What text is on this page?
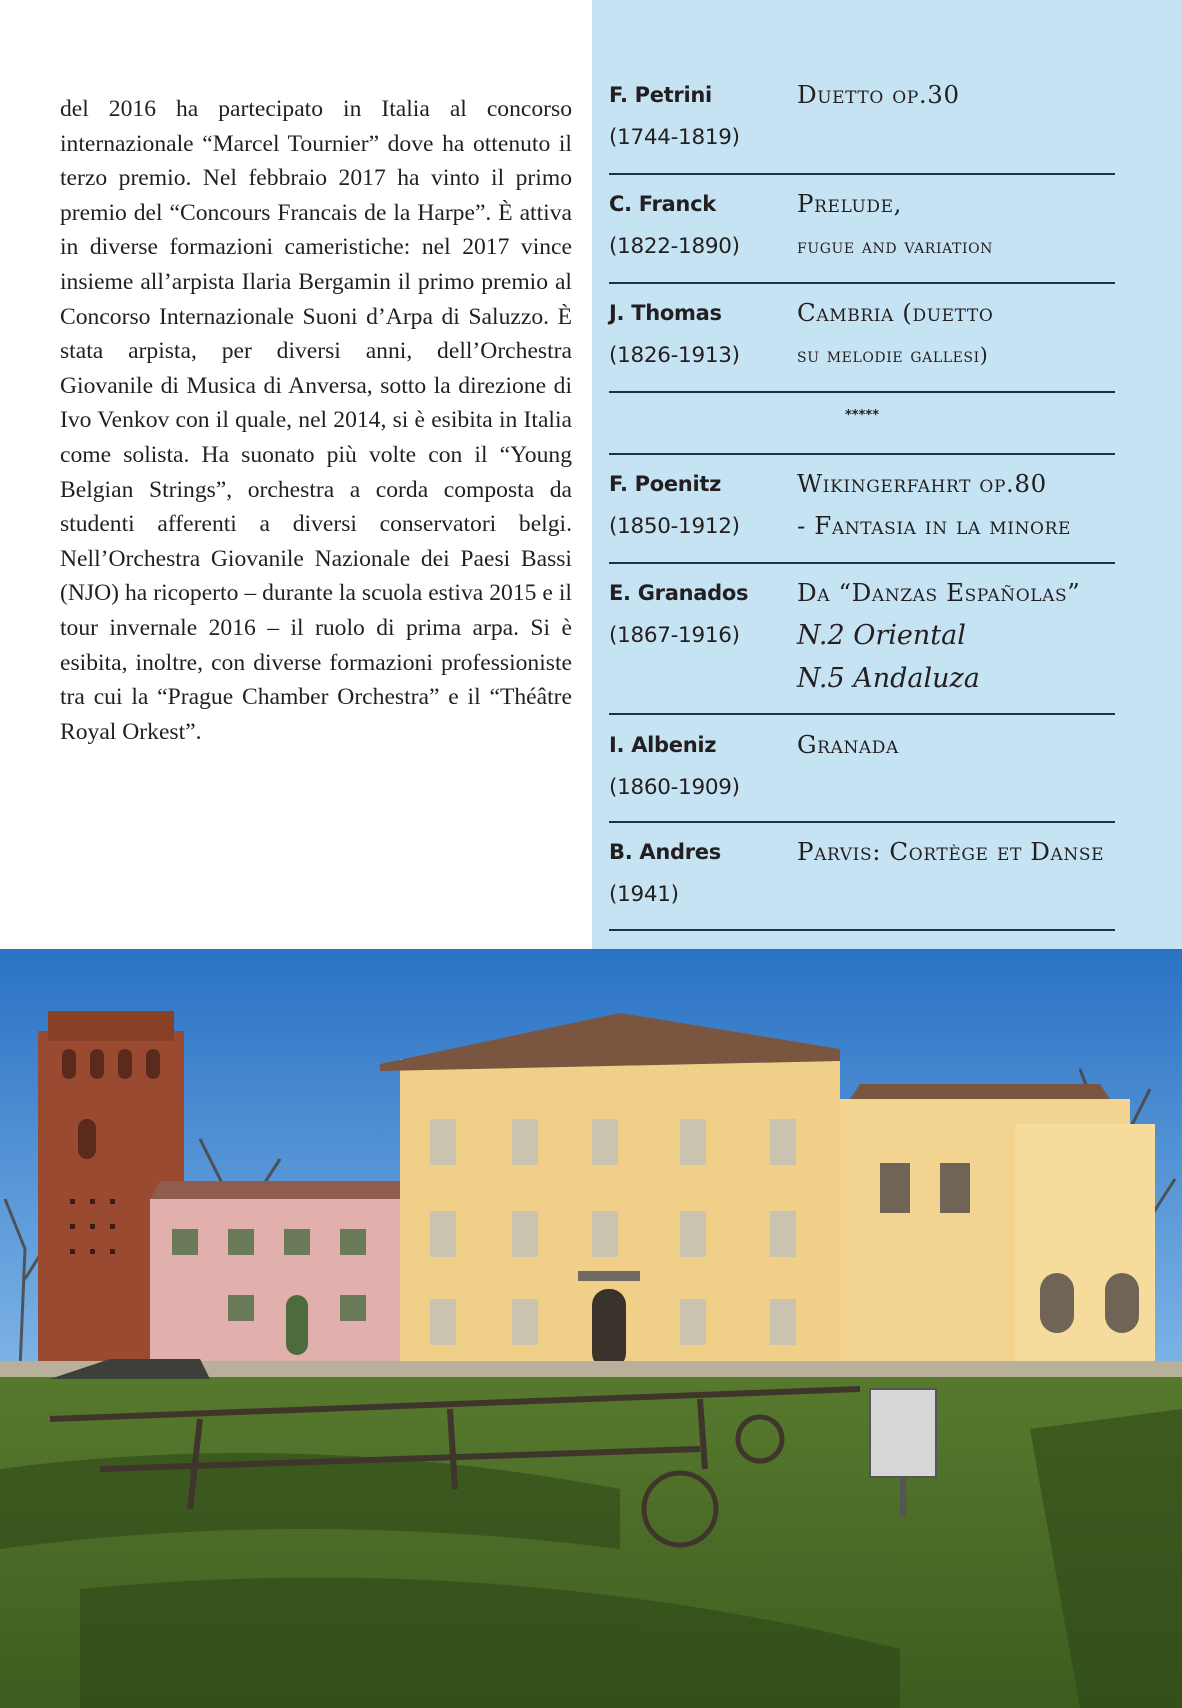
del 2016 ha partecipato in Italia al concorso internazionale “Marcel Tournier” dove ha ottenuto il terzo premio. Nel febbraio 2017 ha vinto il primo premio del “Concours Francais de la Harpe”. È attiva in diverse formazioni cameristiche: nel 2017 vince insieme all’arpista Ilaria Bergamin il primo premio al Concorso Internazionale Suoni d’Arpa di Saluzzo. È stata arpista, per diversi anni, dell’Orchestra Giovanile di Musica di Anversa, sotto la direzione di Ivo Venkov con il quale, nel 2014, si è esibita in Italia come solista. Ha suonato più volte con il “Young Belgian Strings”, orchestra a corda composta da studenti afferenti a diversi conservatori belgi. Nell’Orchestra Giovanile Nazionale dei Paesi Bassi (NJO) ha ricoperto – durante la scuola estiva 2015 e il tour invernale 2016 – il ruolo di prima arpa. Si è esibita, inoltre, con diverse formazioni professioniste tra cui la “Prague Chamber Orchestra” e il “Théâtre Royal Orkest”.

F. Petrini
(1744-1819)
Duetto op.30
C. Franck
(1822-1890)
Prelude,
fugue and variation
J. Thomas
(1826-1913)
Cambria (duetto
su melodie gallesi)
*****
F. Poenitz
(1850-1912)
Wikingerfahrt op.80
- Fantasia in la minore
E. Granados
(1867-1916)
Da “Danzas Españolas”
N.2 Oriental
N.5 Andaluza
I. Albeniz
(1860-1909)
Granada
B. Andres
(1941)
Parvis: Cortège et Danse
